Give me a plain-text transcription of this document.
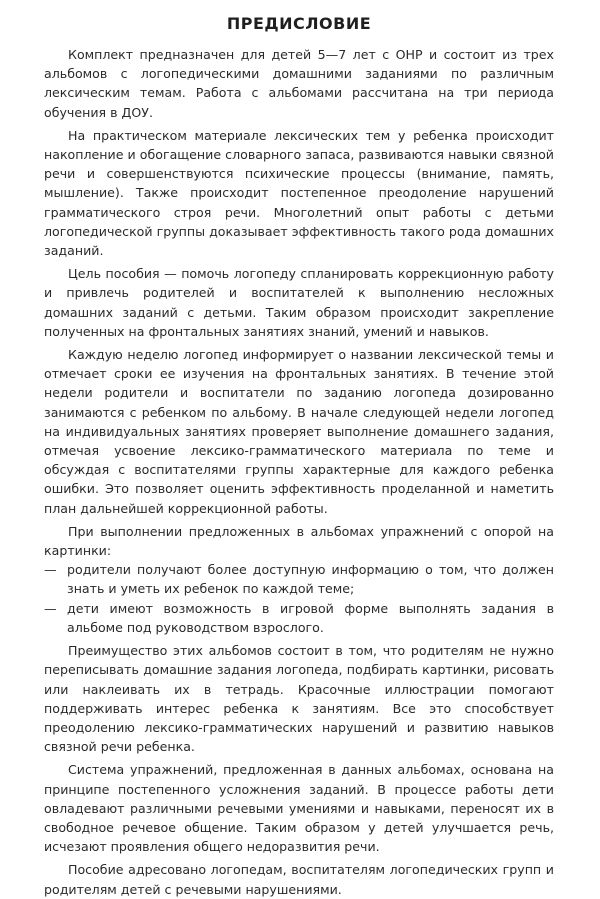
ПРЕДИСЛОВИЕ

Комплект предназначен для детей 5—7 лет с ОНР и состоит из трех альбомов с логопедическими домашними заданиями по различным лексическим темам. Работа с альбомами рассчитана на три периода обучения в ДОУ.

На практическом материале лексических тем у ребенка происходит накопление и обогащение словарного запаса, развиваются навыки связной речи и совершенствуются психические процессы (внимание, память, мышление). Также происходит постепенное преодоление нарушений грамматического строя речи. Многолетний опыт работы с детьми логопедической группы доказывает эффективность такого рода домашних заданий.

Цель пособия — помочь логопеду спланировать коррекционную работу и привлечь родителей и воспитателей к выполнению несложных домашних заданий с детьми. Таким образом происходит закрепление полученных на фронтальных занятиях знаний, умений и навыков.

Каждую неделю логопед информирует о названии лексической темы и отмечает сроки ее изучения на фронтальных занятиях. В течение этой недели родители и воспитатели по заданию логопеда дозированно занимаются с ребенком по альбому. В начале следующей недели логопед на индивидуальных занятиях проверяет выполнение домашнего задания, отмечая усвоение лексико-грамматического материала по теме и обсуждая с воспитателями группы характерные для каждого ребенка ошибки. Это позволяет оценить эффективность проделанной и наметить план дальнейшей коррекционной работы.

При выполнении предложенных в альбомах упражнений с опорой на картинки:

— родители получают более доступную информацию о том, что должен знать и уметь их ребенок по каждой теме;
— дети имеют возможность в игровой форме выполнять задания в альбоме под руководством взрослого.

Преимущество этих альбомов состоит в том, что родителям не нужно переписывать домашние задания логопеда, подбирать картинки, рисовать или наклеивать их в тетрадь. Красочные иллюстрации помогают поддерживать интерес ребенка к занятиям. Все это способствует преодолению лексико-грамматических нарушений и развитию навыков связной речи ребенка.

Система упражнений, предложенная в данных альбомах, основана на принципе постепенного усложнения заданий. В процессе работы дети овладевают различными речевыми умениями и навыками, переносят их в свободное речевое общение. Таким образом у детей улучшается речь, исчезают проявления общего недоразвития речи.

Пособие адресовано логопедам, воспитателям логопедических групп и родителям детей с речевыми нарушениями.
